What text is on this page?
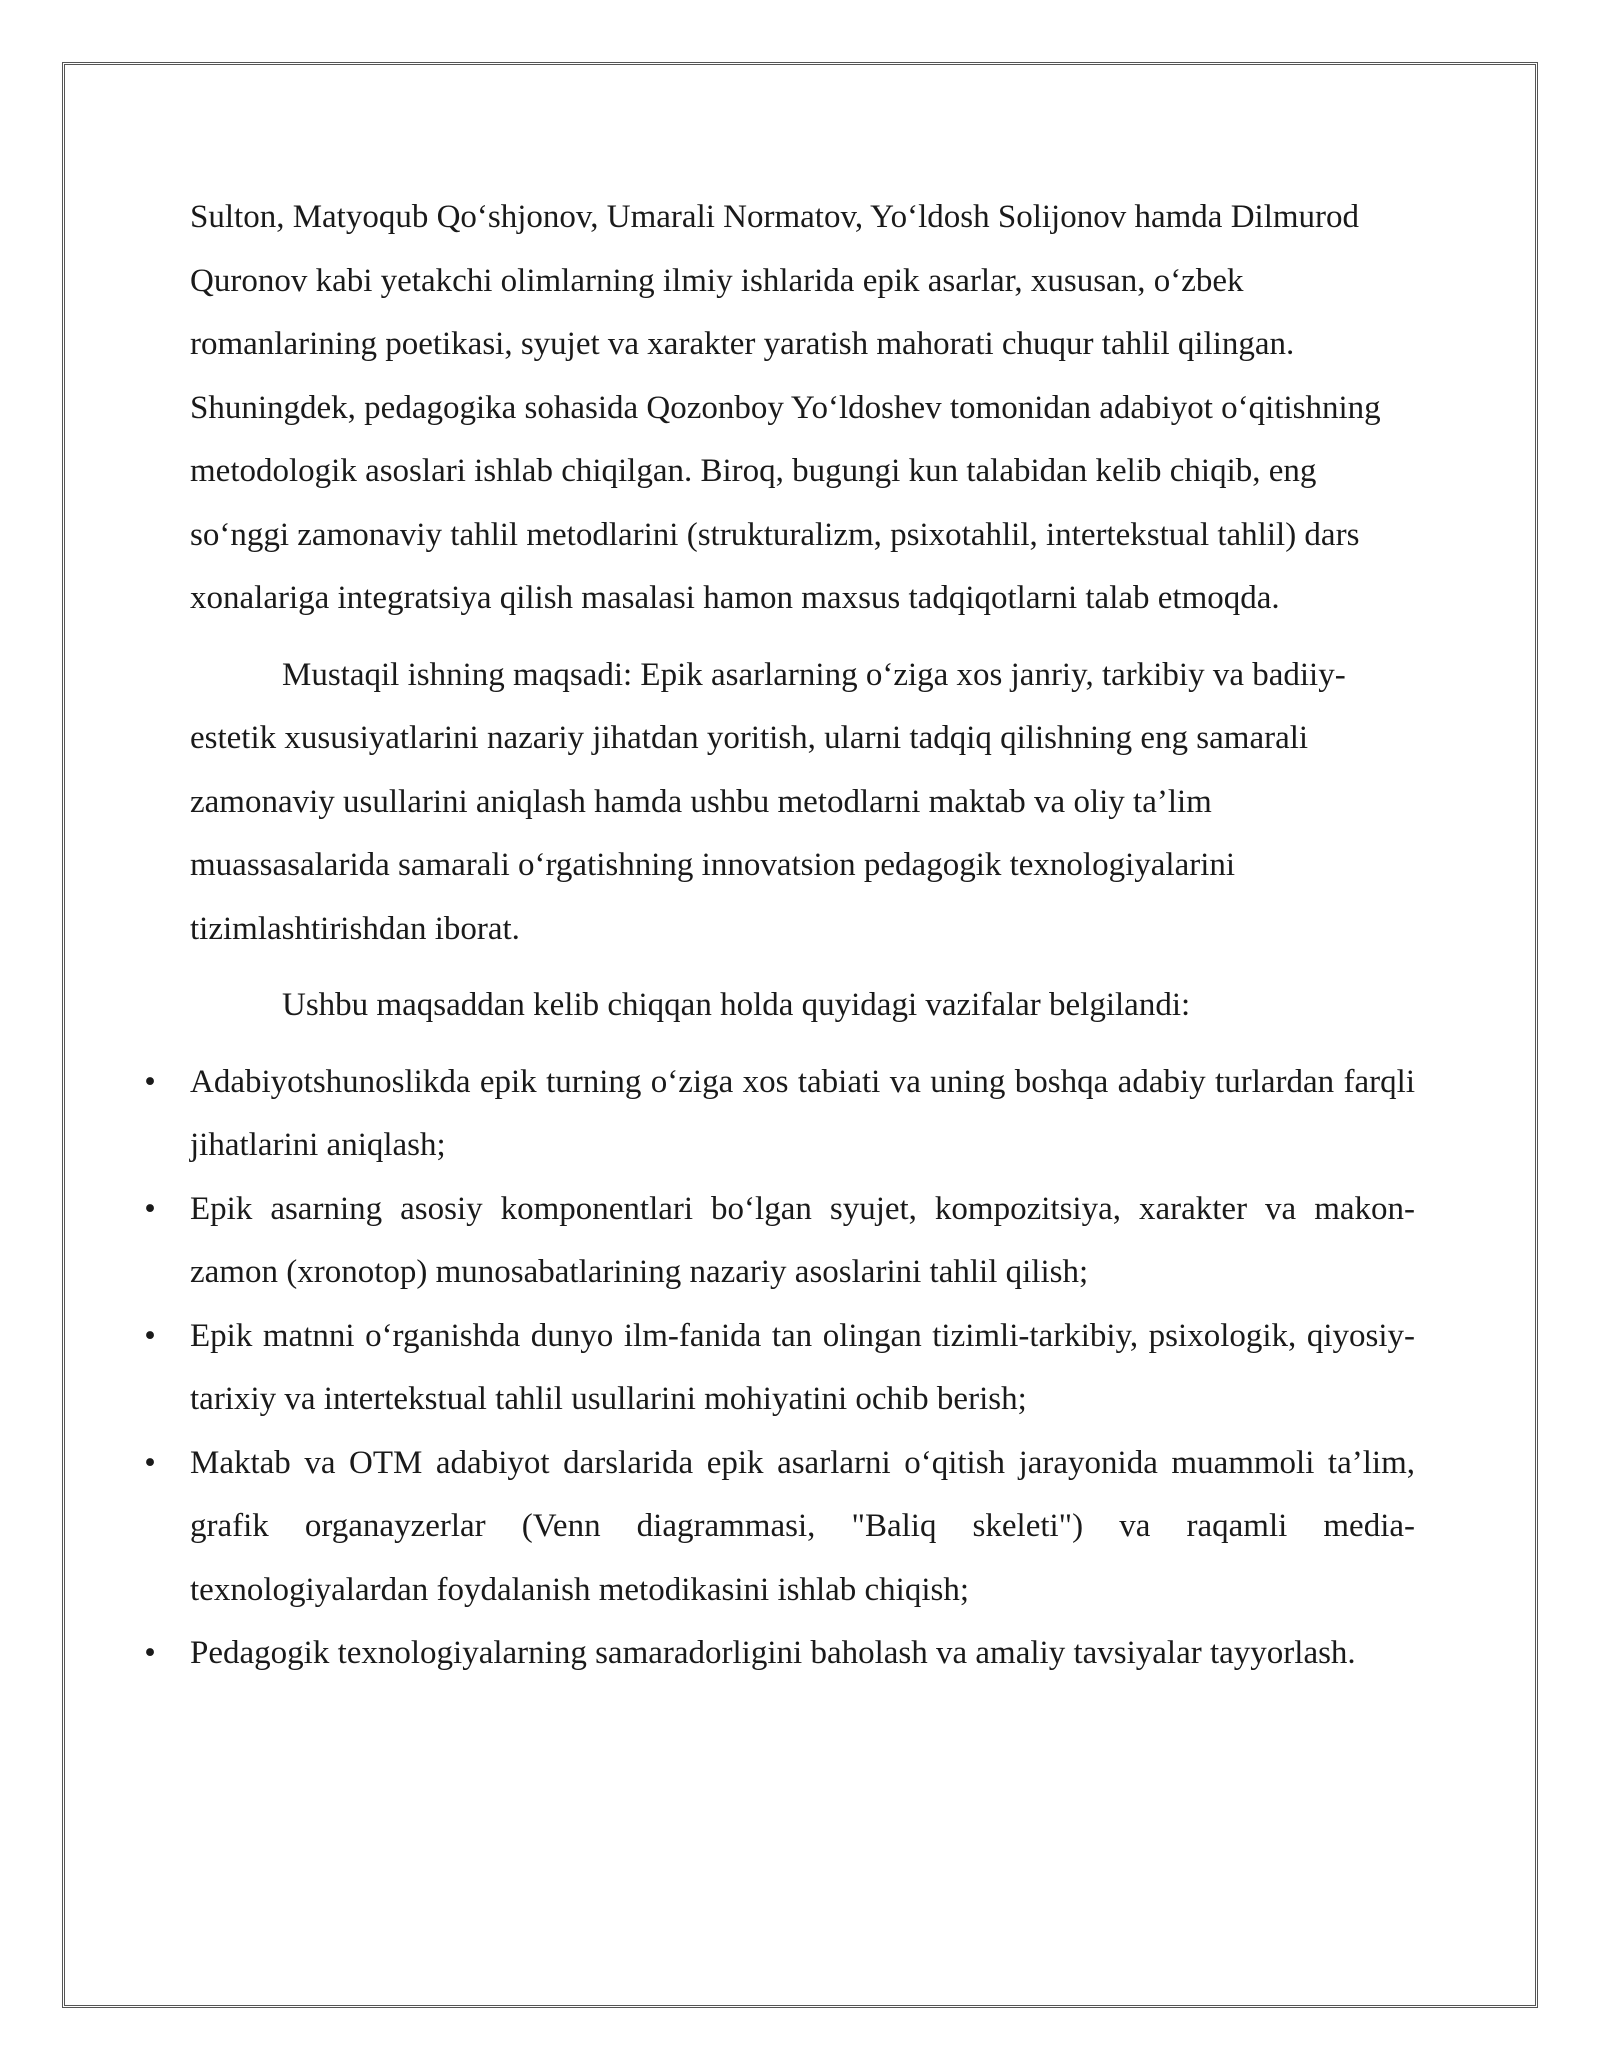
Sulton, Matyoqub Qo‘shjonov, Umarali Normatov, Yo‘ldosh Solijonov hamda Dilmurod Quronov kabi yetakchi olimlarning ilmiy ishlarida epik asarlar, xususan, o‘zbek romanlarining poetikasi, syujet va xarakter yaratish mahorati chuqur tahlil qilingan. Shuningdek, pedagogika sohasida Qozonboy Yo‘ldoshev tomonidan adabiyot o‘qitishning metodologik asoslari ishlab chiqilgan. Biroq, bugungi kun talabidan kelib chiqib, eng so‘nggi zamonaviy tahlil metodlarini (strukturalizm, psixotahlil, intertekstual tahlil) dars xonalariga integratsiya qilish masalasi hamon maxsus tadqiqotlarni talab etmoqda.

Mustaqil ishning maqsadi: Epik asarlarning o‘ziga xos janriy, tarkibiy va badiiy-estetik xususiyatlarini nazariy jihatdan yoritish, ularni tadqiq qilishning eng samarali zamonaviy usullarini aniqlash hamda ushbu metodlarni maktab va oliy ta’lim muassasalarida samarali o‘rgatishning innovatsion pedagogik texnologiyalarini tizimlashtirishdan iborat.

Ushbu maqsaddan kelib chiqqan holda quyidagi vazifalar belgilandi:

• Adabiyotshunoslikda epik turning o‘ziga xos tabiati va uning boshqa adabiy turlardan farqli jihatlarini aniqlash;
• Epik asarning asosiy komponentlari bo‘lgan syujet, kompozitsiya, xarakter va makon-zamon (xronotop) munosabatlarining nazariy asoslarini tahlil qilish;
• Epik matnni o‘rganishda dunyo ilm-fanida tan olingan tizimli-tarkibiy, psixologik, qiyosiy-tarixiy va intertekstual tahlil usullarini mohiyatini ochib berish;
• Maktab va OTM adabiyot darslarida epik asarlarni o‘qitish jarayonida muammoli ta’lim, grafik organayzerlar (Venn diagrammasi, "Baliq skeleti") va raqamli media-texnologiyalardan foydalanish metodikasini ishlab chiqish;
• Pedagogik texnologiyalarning samaradorligini baholash va amaliy tavsiyalar tayyorlash.
